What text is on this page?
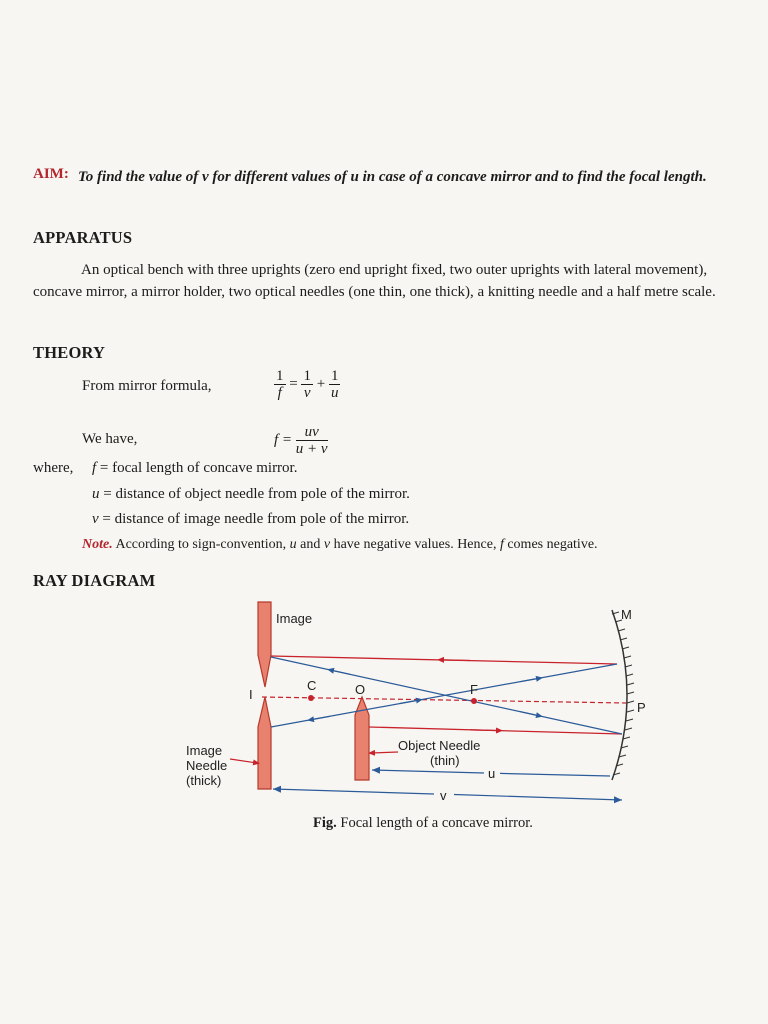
AIM: To find the value of v for different values of u in case of a concave mirror and to find the focal length.
APPARATUS
An optical bench with three uprights (zero end upright fixed, two outer uprights with lateral movement), concave mirror, a mirror holder, two optical needles (one thin, one thick), a knitting needle and a half metre scale.
THEORY
From mirror formula,	$\frac{1}{f} = \frac{1}{v} + \frac{1}{u}$
We have,	$f = \frac{uv}{u + v}$
where, f = focal length of concave mirror.
u = distance of object needle from pole of the mirror.
v = distance of image needle from pole of the mirror.
Note. According to sign-convention, u and v have negative values. Hence, f comes negative.
RAY DIAGRAM
Image	M
C	O	F
I
P
Image
Needle
(thick)
Object Needle
(thin)
u
v
Fig. Focal length of a concave mirror.
